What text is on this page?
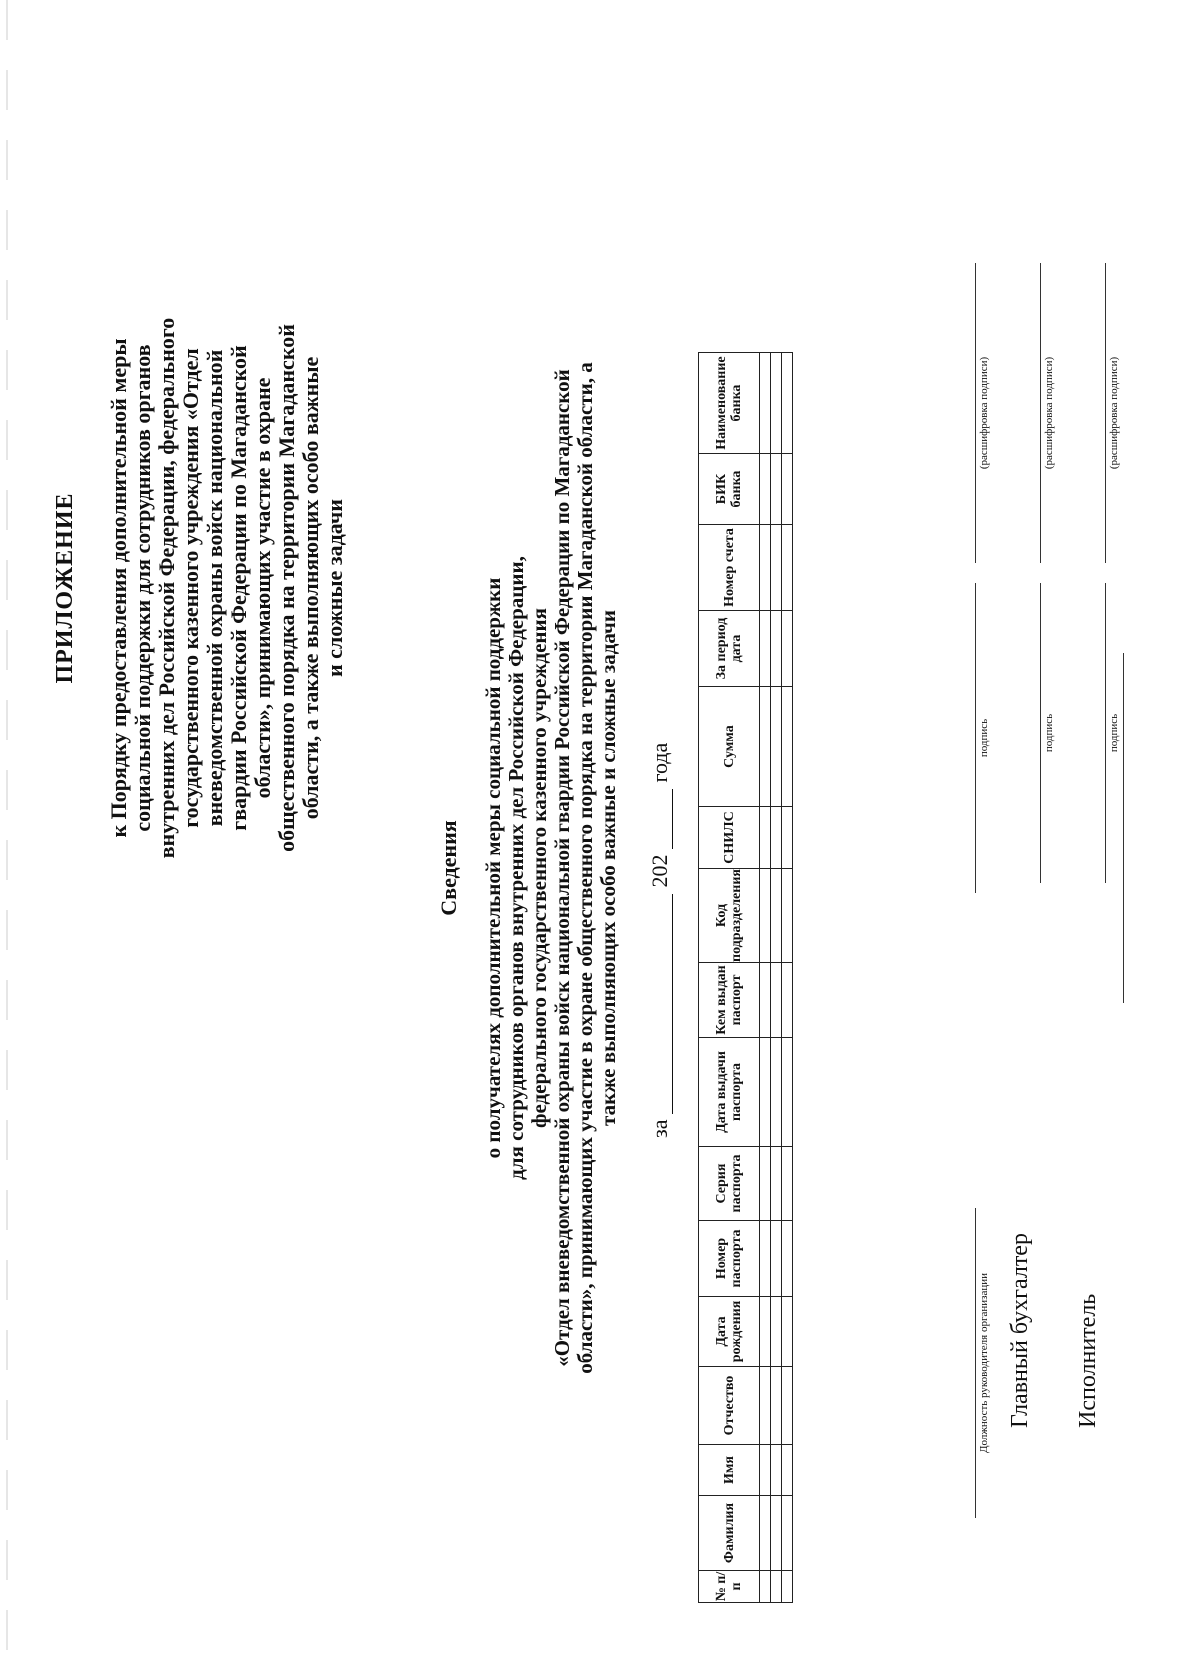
ПРИЛОЖЕНИЕ к Порядку предоставления дополнительной меры социальной поддержки для сотрудников органов внутренних дел Российской Федерации, федерального государственного казенного учреждения «Отдел вневедомственной охраны войск национальной гвардии Российской Федерации по Магаданской области», принимающих участие в охране общественного порядка на территории Магаданской области, а также выполняющих особо важные и сложные задачи
Сведения о получателях дополнительной меры социальной поддержки для сотрудников органов внутренних дел Российской Федерации, федерального государственного казенного учреждения «Отдел вневедомственной охраны войск национальной гвардии Российской Федерации по Магаданской области», принимающих участие в охране общественного порядка на территории Магаданской области, а также выполняющих особо важные и сложные задачи
за
202
года
№ п/п	Фамилия	Имя	Отчество	Дата рождения	Номер паспорта	Серия паспорта	Дата выдачи паспорта	Кем выдан паспорт	Код подразделения	СНИЛС	Сумма	За период дата	Номер счета	БИК банка	Наименование банка

Должность руководителя организации
подпись
(расшифровка подписи)
Главный бухгалтер
подпись
(расшифровка подписи)
Исполнитель
подпись
(расшифровка подписи)
